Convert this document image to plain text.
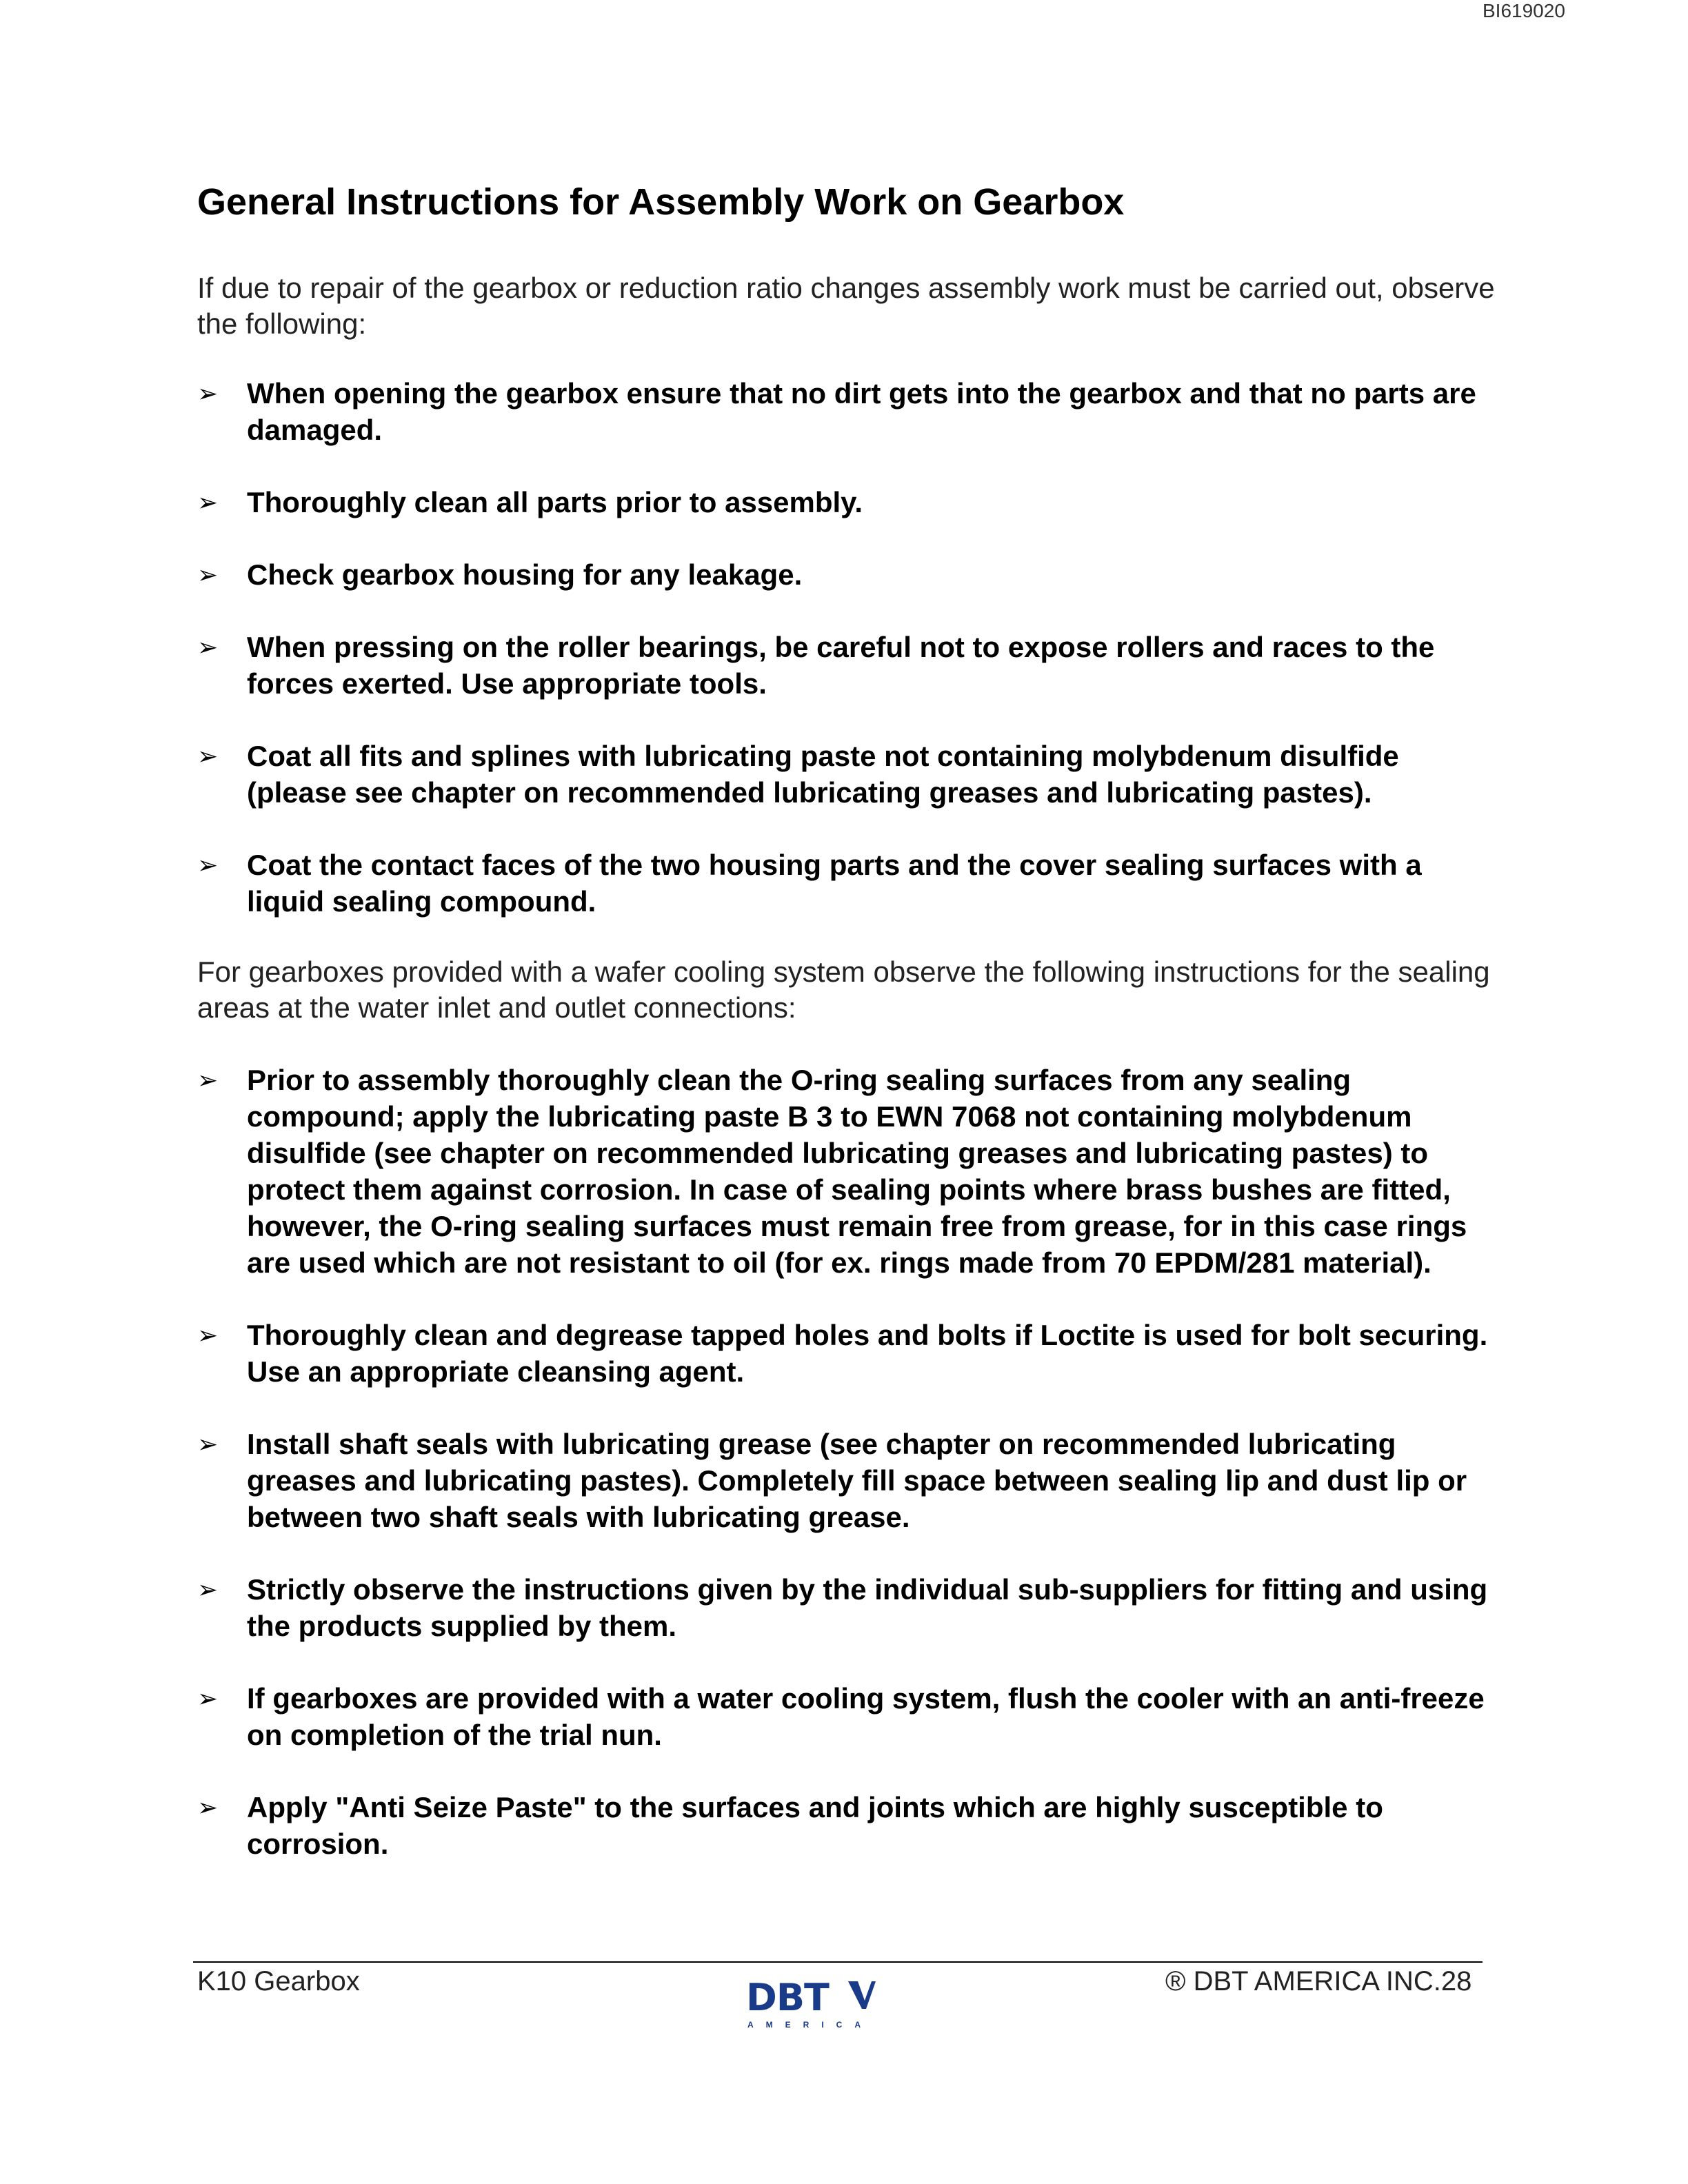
BI619020
General Instructions for Assembly Work on Gearbox

If due to repair of the gearbox or reduction ratio changes assembly work must be carried out, observe the following:

➢ When opening the gearbox ensure that no dirt gets into the gearbox and that no parts are damaged.
➢ Thoroughly clean all parts prior to assembly.
➢ Check gearbox housing for any leakage.
➢ When pressing on the roller bearings, be careful not to expose rollers and races to the forces exerted. Use appropriate tools.
➢ Coat all fits and splines with lubricating paste not containing molybdenum disulfide (please see chapter on recommended lubricating greases and lubricating pastes).
➢ Coat the contact faces of the two housing parts and the cover sealing surfaces with a liquid sealing compound.

For gearboxes provided with a wafer cooling system observe the following instructions for the sealing areas at the water inlet and outlet connections:

➢ Prior to assembly thoroughly clean the O-ring sealing surfaces from any sealing compound; apply the lubricating paste B 3 to EWN 7068 not containing molybdenum disulfide (see chapter on recommended lubricating greases and lubricating pastes) to protect them against corrosion. In case of sealing points where brass bushes are fitted, however, the O-ring sealing surfaces must remain free from grease, for in this case rings are used which are not resistant to oil (for ex. rings made from 70 EPDM/281 material).
➢ Thoroughly clean and degrease tapped holes and bolts if Loctite is used for bolt securing. Use an appropriate cleansing agent.
➢ Install shaft seals with lubricating grease (see chapter on recommended lubricating greases and lubricating pastes). Completely fill space between sealing lip and dust lip or between two shaft seals with lubricating grease.
➢ Strictly observe the instructions given by the individual sub-suppliers for fitting and using the products supplied by them.
➢ If gearboxes are provided with a water cooling system, flush the cooler with an anti-freeze on completion of the trial nun.
➢ Apply "Anti Seize Paste" to the surfaces and joints which are highly susceptible to corrosion.
K10 Gearbox	DBT
AMERICA
® DBT AMERICA INC.28
